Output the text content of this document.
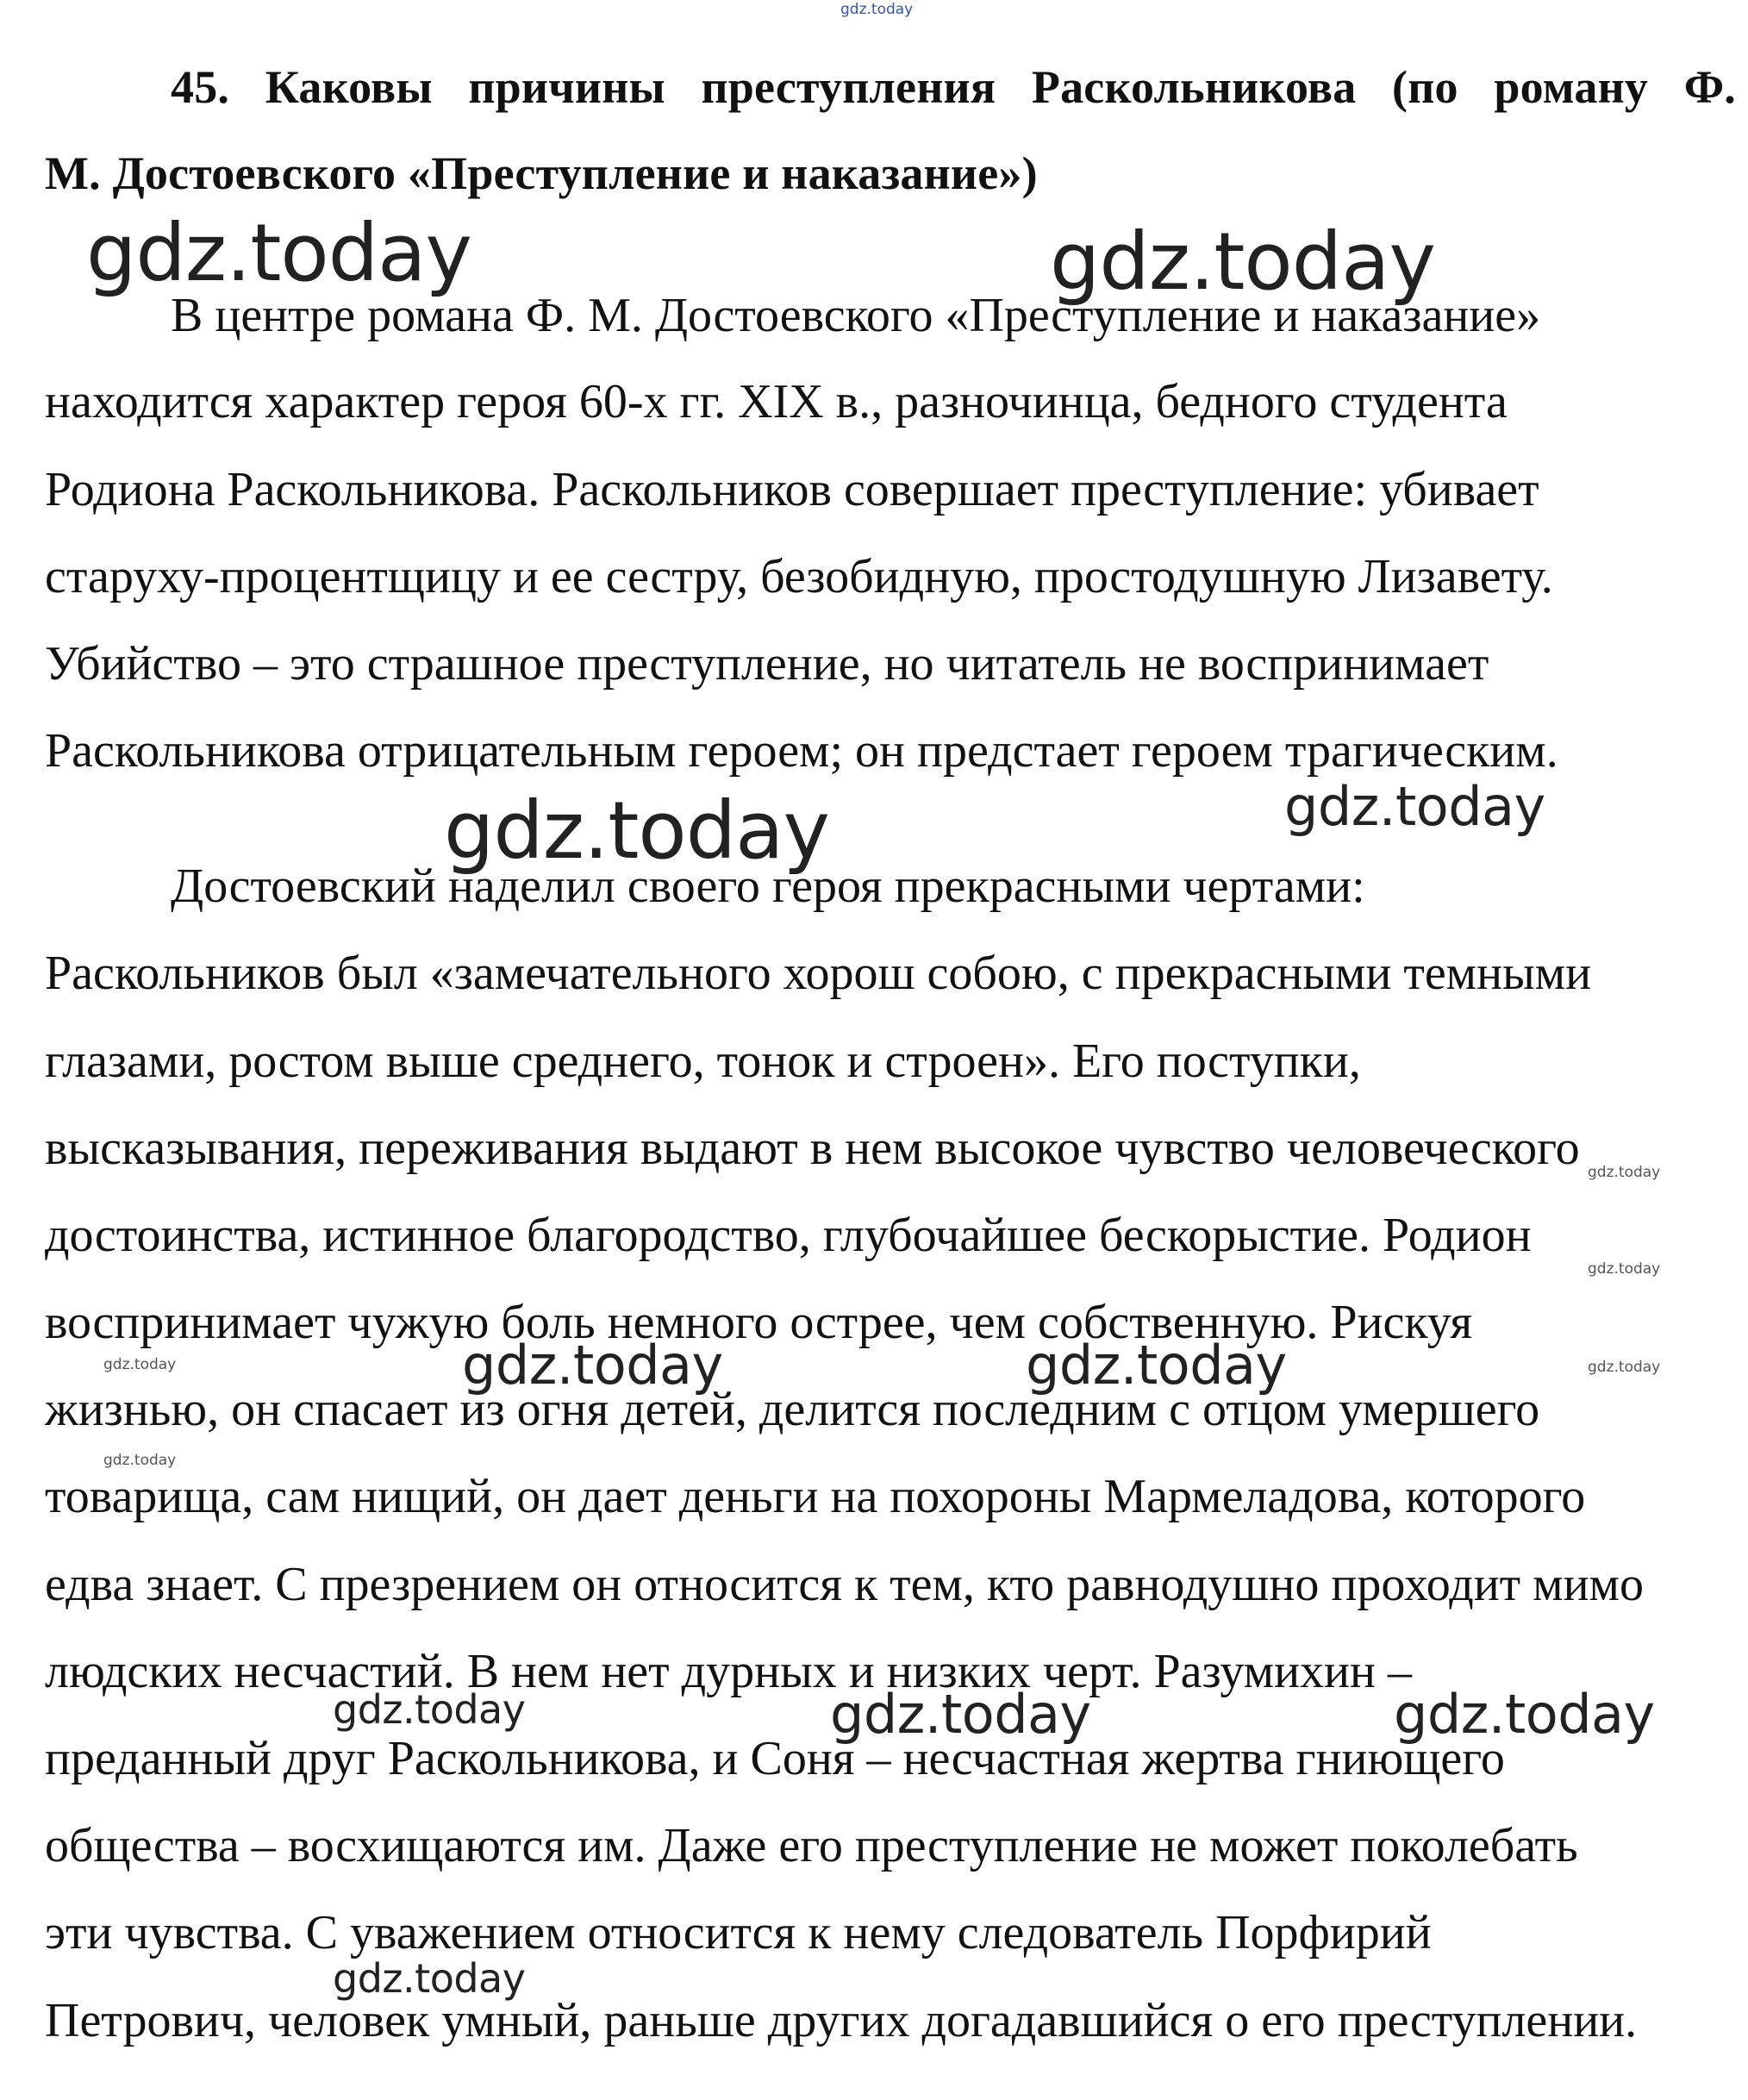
gdz.today
45. Каковы причины преступления Раскольникова (по роману Ф.
М. Достоевского «Преступление и наказание»)
В центре романа Ф. М. Достоевского «Преступление и наказание»
находится характер героя 60-х гг. XIX в., разночинца, бедного студента
Родиона Раскольникова. Раскольников совершает преступление: убивает
старуху-процентщицу и ее сестру, безобидную, простодушную Лизавету.
Убийство – это страшное преступление, но читатель не воспринимает
Раскольникова отрицательным героем; он предстает героем трагическим.
Достоевский наделил своего героя прекрасными чертами:
Раскольников был «замечательного хорош собою, с прекрасными темными
глазами, ростом выше среднего, тонок и строен». Его поступки,
высказывания, переживания выдают в нем высокое чувство человеческого
достоинства, истинное благородство, глубочайшее бескорыстие. Родион
воспринимает чужую боль немного острее, чем собственную. Рискуя
жизнью, он спасает из огня детей, делится последним с отцом умершего
товарища, сам нищий, он дает деньги на похороны Мармеладова, которого
едва знает. С презрением он относится к тем, кто равнодушно проходит мимо
людских несчастий. В нем нет дурных и низких черт. Разумихин –
преданный друг Раскольникова, и Соня – несчастная жертва гниющего
общества – восхищаются им. Даже его преступление не может поколебать
эти чувства. С уважением относится к нему следователь Порфирий
Петрович, человек умный, раньше других догадавшийся о его преступлении.
gdz.today	gdz.today
gdz.today	gdz.today
gdz.today	gdz.today
gdz.today	gdz.today	gdz.today
gdz.today
gdz.today
gdz.today
gdz.today	gdz.today
gdz.today
